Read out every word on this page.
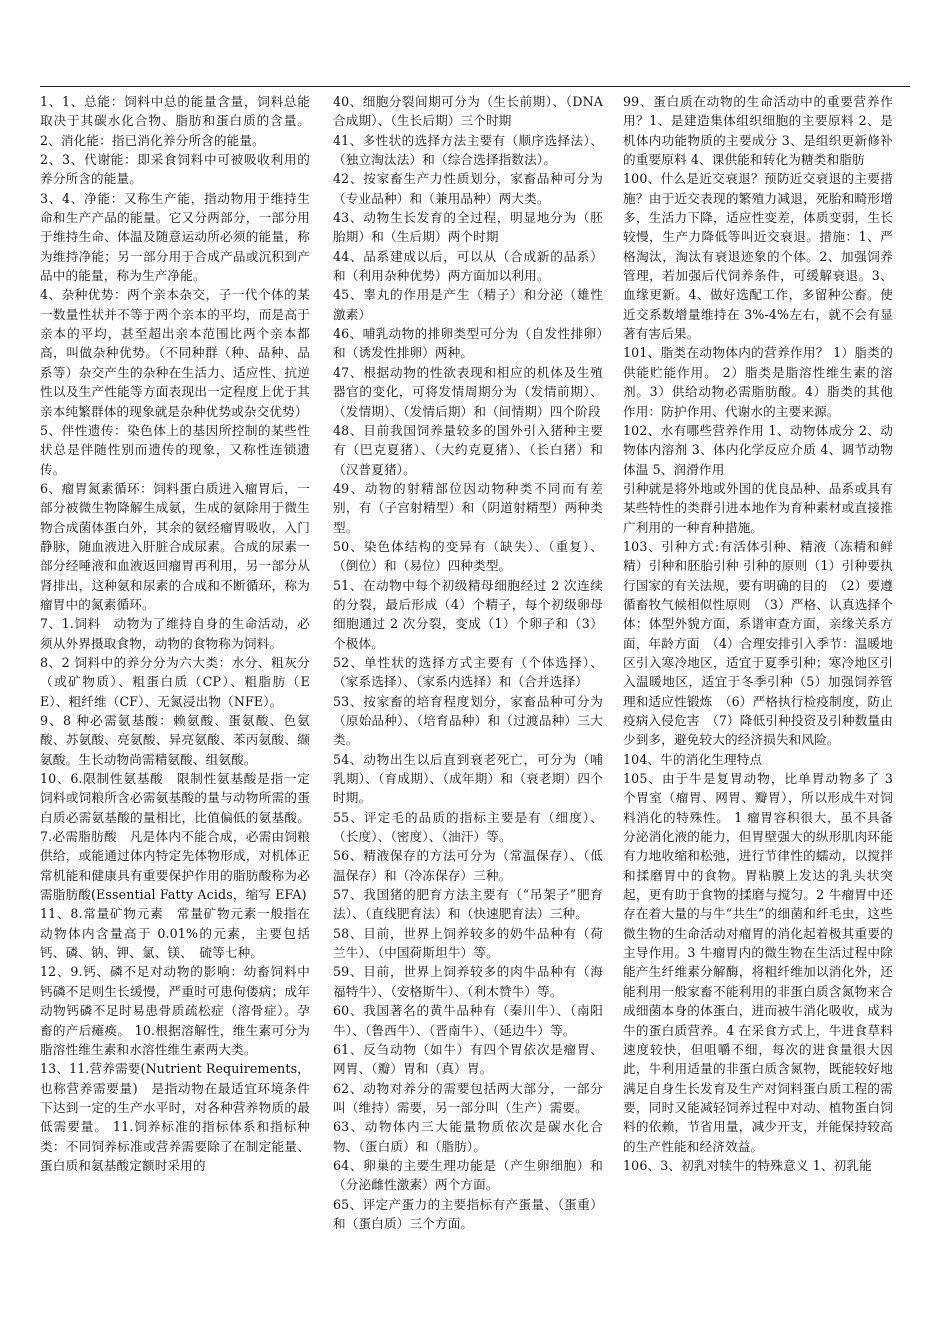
1、1、总能：饲料中总的能量含量，饲料总能取决于其碳水化合物、脂肪和蛋白质的含量。 2、消化能：指已消化养分所含的能量。

2、3、代谢能：即采食饲料中可被吸收利用的养分所含的能量。

3、4、净能：又称生产能，指动物用于维持生命和生产产品的能量。它又分两部分，一部分用于维持生命、体温及随意运动所必须的能量，称为维持净能；另一部分用于合成产品或沉积到产品中的能量，称为生产净能。

4、杂种优势：两个亲本杂交，子一代个体的某一数量性状并不等于两个亲本的平均，而是高于亲本的平均，甚至超出亲本范围比两个亲本都高，叫做杂种优势。（不同种群（种、品种、品系等）杂交产生的杂种在生活力、适应性、抗逆性以及生产性能等方面表现出一定程度上优于其亲本纯繁群体的现象就是杂种优势或杂交优势）

5、伴性遗传：染色体上的基因所控制的某些性状总是伴随性别而遗传的现象，又称性连锁遗传。

6、瘤胃氮素循环：饲料蛋白质进入瘤胃后，一部分被微生物降解生成氨，生成的氨除用于微生物合成菌体蛋白外，其余的氨经瘤胃吸收，入门静脉，随血液进入肝脏合成尿素。合成的尿素一部分经唾液和血液返回瘤胃再利用，另一部分从肾排出，这种氨和尿素的合成和不断循环，称为瘤胃中的氮素循环。

7、1.饲料　动物为了维持自身的生命活动，必须从外界摄取食物，动物的食物称为饲料。

8、2 饲料中的养分分为六大类：水分、粗灰分（或矿物质）、粗蛋白质（CP）、粗脂肪（EE）、粗纤维（CF）、无氮浸出物（NFE）。

9、8 种必需氨基酸：赖氨酸、蛋氨酸、色氨酸、苏氨酸、亮氨酸、异亮氨酸、苯丙氨酸、缬氨酸。生长动物尚需精氨酸、组氨酸。

10、6.限制性氨基酸　限制性氨基酸是指一定饲料或饲粮所含必需氨基酸的量与动物所需的蛋白质必需氨基酸的量相比，比值偏低的氨基酸。 7.必需脂肪酸　凡是体内不能合成，必需由饲粮供给，或能通过体内特定先体物形成，对机体正常机能和健康具有重要保护作用的脂肪酸称为必需脂肪酸(Essential Fatty Acids，缩写 EFA)

11、8.常量矿物元素　常量矿物元素一般指在动物体内含量高于 0.01%的元素，主要包括钙、磷、钠、钾、氯、镁、　硫等七种。

12、9.钙、磷不足对动物的影响：幼畜饲料中钙磷不足则生长缓慢，严重时可患佝偻病；成年动物钙磷不足时易患骨质疏松症（溶骨症）。孕畜的产后瘫痪。 10.根据溶解性，维生素可分为脂溶性维生素和水溶性维生素两大类。

13、11.营养需要(Nutrient Requirements，也称营养需要量)　是指动物在最适宜环境条件下达到一定的生产水平时，对各种营养物质的最低需要量。 11.饲养标准的指标体系和指标种类：不同饲养标准或营养需要除了在制定能量、蛋白质和氨基酸定额时采用的

40、细胞分裂间期可分为（生长前期）、（DNA 合成期）、（生长后期）三个时期

41、多性状的选择方法主要有（顺序选择法）、（独立淘汰法）和（综合选择指数法）。

42、按家畜生产力性质划分，家畜品种可分为（专业品种）和（兼用品种）两大类。

43、动物生长发育的全过程，明显地分为（胚胎期）和（生后期）两个时期

44、品系建成以后，可以从（合成新的品系）和（利用杂种优势）两方面加以利用。

45、睾丸的作用是产生（精子）和分泌（雄性激素）

46、哺乳动物的排卵类型可分为（自发性排卵）和（诱发性排卵）两种。

47、根据动物的性欲表现和相应的机体及生殖器官的变化，可将发情周期分为（发情前期）、（发情期）、（发情后期）和（间情期）四个阶段

48、目前我国饲养量较多的国外引入猪种主要有（巴克夏猪）、（大约克夏猪）、（长白猪）和（汉普夏猪）。

49、动物的射精部位因动物种类不同而有差别，有（子宫射精型）和（阴道射精型）两种类型。

50、染色体结构的变异有（缺失）、（重复）、（倒位）和（易位）四种类型。

51、在动物中每个初级精母细胞经过 2 次连续的分裂，最后形成（4）个精子，每个初级卵母细胞通过 2 次分裂，变成（1）个卵子和（3）个极体。

52、单性状的选择方式主要有（个体选择）、（家系选择）、（家系内选择）和（合并选择）

53、按家畜的培育程度划分，家畜品种可分为（原始品种）、（培育品种）和（过渡品种）三大类。

54、动物出生以后直到衰老死亡，可分为（哺乳期）、（育成期）、（成年期）和（衰老期）四个时期。

55、评定毛的品质的指标主要是有（细度）、（长度）、（密度）、（油汗）等。

56、精液保存的方法可分为（常温保存）、（低温保存）和（冷冻保存）三种。

57、我国猪的肥育方法主要有（“吊架子”肥育法）、（直线肥育法）和（快速肥育法）三种。

58、目前，世界上饲养较多的奶牛品种有（荷兰牛）、（中国荷斯坦牛）等。

59、目前，世界上饲养较多的肉牛品种有（海福特牛）、（安格斯牛）、（利木赞牛）等。

60、我国著名的黄牛品种有（秦川牛）、（南阳牛）、（鲁西牛）、（晋南牛）、（延边牛）等。

61、反刍动物（如牛）有四个胃依次是瘤胃、网胃、（瓣）胃和（真）胃。

62、动物对养分的需要包括两大部分，一部分叫（维持）需要，另一部分叫（生产）需要。

63、动物体内三大能量物质依次是碳水化合物、（蛋白质）和（脂肪）。

64、卵巢的主要生理功能是（产生卵细胞）和（分泌雌性激素）两个方面。

65、评定产蛋力的主要指标有产蛋量、（蛋重）和（蛋白质）三个方面。

99、蛋白质在动物的生命活动中的重要营养作用？1、是建造集体组织细胞的主要原料 2、是机体内功能物质的主要成分 3、是组织更新修补的重要原料 4、课供能和转化为糖类和脂肪

100、什么是近交衰退？预防近交衰退的主要措施？由于近交表现的繁殖力减退，死胎和畸形增多，生活力下降，适应性变差，体质变弱，生长较慢，生产力降低等叫近交衰退。措施：1、严格淘汰，淘汰有衰退迹象的个体。2、加强饲养管理，若加强后代饲养条件，可缓解衰退。3、血缘更新。4、做好选配工作，多留种公畜。使近交系数增量维持在 3%-4%左右，就不会有显著有害后果。

101、脂类在动物体内的营养作用？ 1）脂类的供能贮能作用。 2）脂类是脂溶性维生素的溶剂。3）供给动物必需脂肪酸。4）脂类的其他作用：防护作用、代谢水的主要来源。

102、水有哪些营养作用 1、动物体成分 2、动物体内溶剂 3、体内化学反应介质 4、调节动物体温 5、润滑作用

引种就是将外地或外国的优良品种、品系或具有某些特性的类群引进本地作为育种素材或直接推广利用的一种育种措施。

103、引种方式:有活体引种、精液（冻精和鲜精）引种和胚胎引种 引种的原则（1）引种要执行国家的有关法规，要有明确的目的　（2）要遵循畜牧气候相似性原则　（3）严格、认真选择个体：体型外貌方面，系谱审查方面，亲缘关系方面，年龄方面　（4）合理安排引入季节：温暖地区引入寒冷地区，适宜于夏季引种；寒冷地区引入温暖地区，适宜于冬季引种（5）加强饲养管理和适应性锻炼　（6）严格执行检疫制度，防止疫病入侵危害　（7）降低引种投资及引种数量由少到多，避免较大的经济损失和风险。

104、牛的消化生理特点

105、由于牛是复胃动物，比单胃动物多了 3 个胃室（瘤胃、网胃、瓣胃），所以形成牛对饲料消化的特殊性。 1 瘤胃容积很大，虽不具备分泌消化液的能力，但胃壁强大的纵形肌肉环能有力地收缩和松弛，进行节律性的蠕动，以搅拌和揉磨胃中的食物。胃粘膜上发达的乳头状突起，更有助于食物的揉磨与搅匀。2 牛瘤胃中还存在着大量的与牛“共生”的细菌和纤毛虫，这些微生物的生命活动对瘤胃的消化起着极其重要的主导作用。3 牛瘤胃内的微生物在生活过程中除能产生纤维素分解酶，将粗纤维加以消化外，还能利用一般家畜不能利用的非蛋白质含氮物来合成细菌本身的体蛋白，进而被牛消化吸收，成为牛的蛋白质营养。4 在采食方式上，牛进食草料速度较快，但咀嚼不细，每次的进食量很大因此，牛利用适量的非蛋白质含氮物，既能较好地满足自身生长发育及生产对饲料蛋白质工程的需要，同时又能减轻饲养过程中对动、植物蛋白饲料的依赖，节省用量，减少开支，并能保持较高的生产性能和经济效益。

106、3、初乳对犊牛的特殊意义 1、初乳能
